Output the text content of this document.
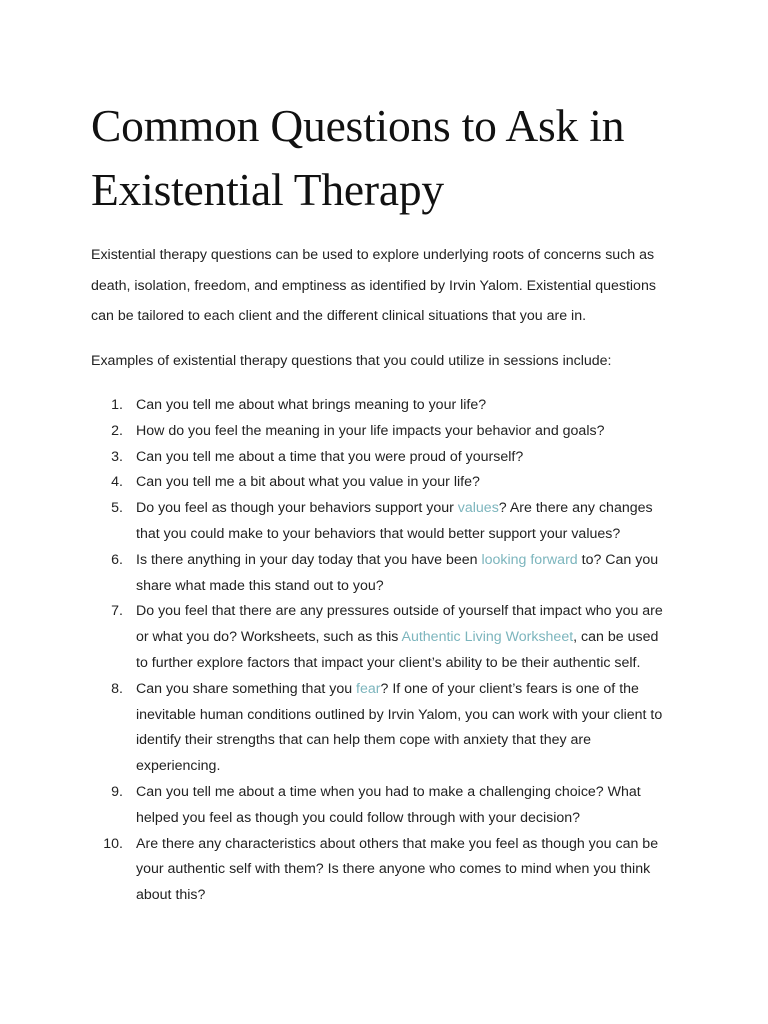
Common Questions to Ask in
Existential Therapy

Existential therapy questions can be used to explore underlying roots of concerns such as
death, isolation, freedom, and emptiness as identified by Irvin Yalom. Existential questions
can be tailored to each client and the different clinical situations that you are in.

Examples of existential therapy questions that you could utilize in sessions include:

1. Can you tell me about what brings meaning to your life?
2. How do you feel the meaning in your life impacts your behavior and goals?
3. Can you tell me about a time that you were proud of yourself?
4. Can you tell me a bit about what you value in your life?
5. Do you feel as though your behaviors support your values? Are there any changes
that you could make to your behaviors that would better support your values?
6. Is there anything in your day today that you have been looking forward to? Can you
share what made this stand out to you?
7. Do you feel that there are any pressures outside of yourself that impact who you are
or what you do? Worksheets, such as this Authentic Living Worksheet, can be used
to further explore factors that impact your client’s ability to be their authentic self.
8. Can you share something that you fear? If one of your client’s fears is one of the
inevitable human conditions outlined by Irvin Yalom, you can work with your client to
identify their strengths that can help them cope with anxiety that they are
experiencing.
9. Can you tell me about a time when you had to make a challenging choice? What
helped you feel as though you could follow through with your decision?
10. Are there any characteristics about others that make you feel as though you can be
your authentic self with them? Is there anyone who comes to mind when you think
about this?
